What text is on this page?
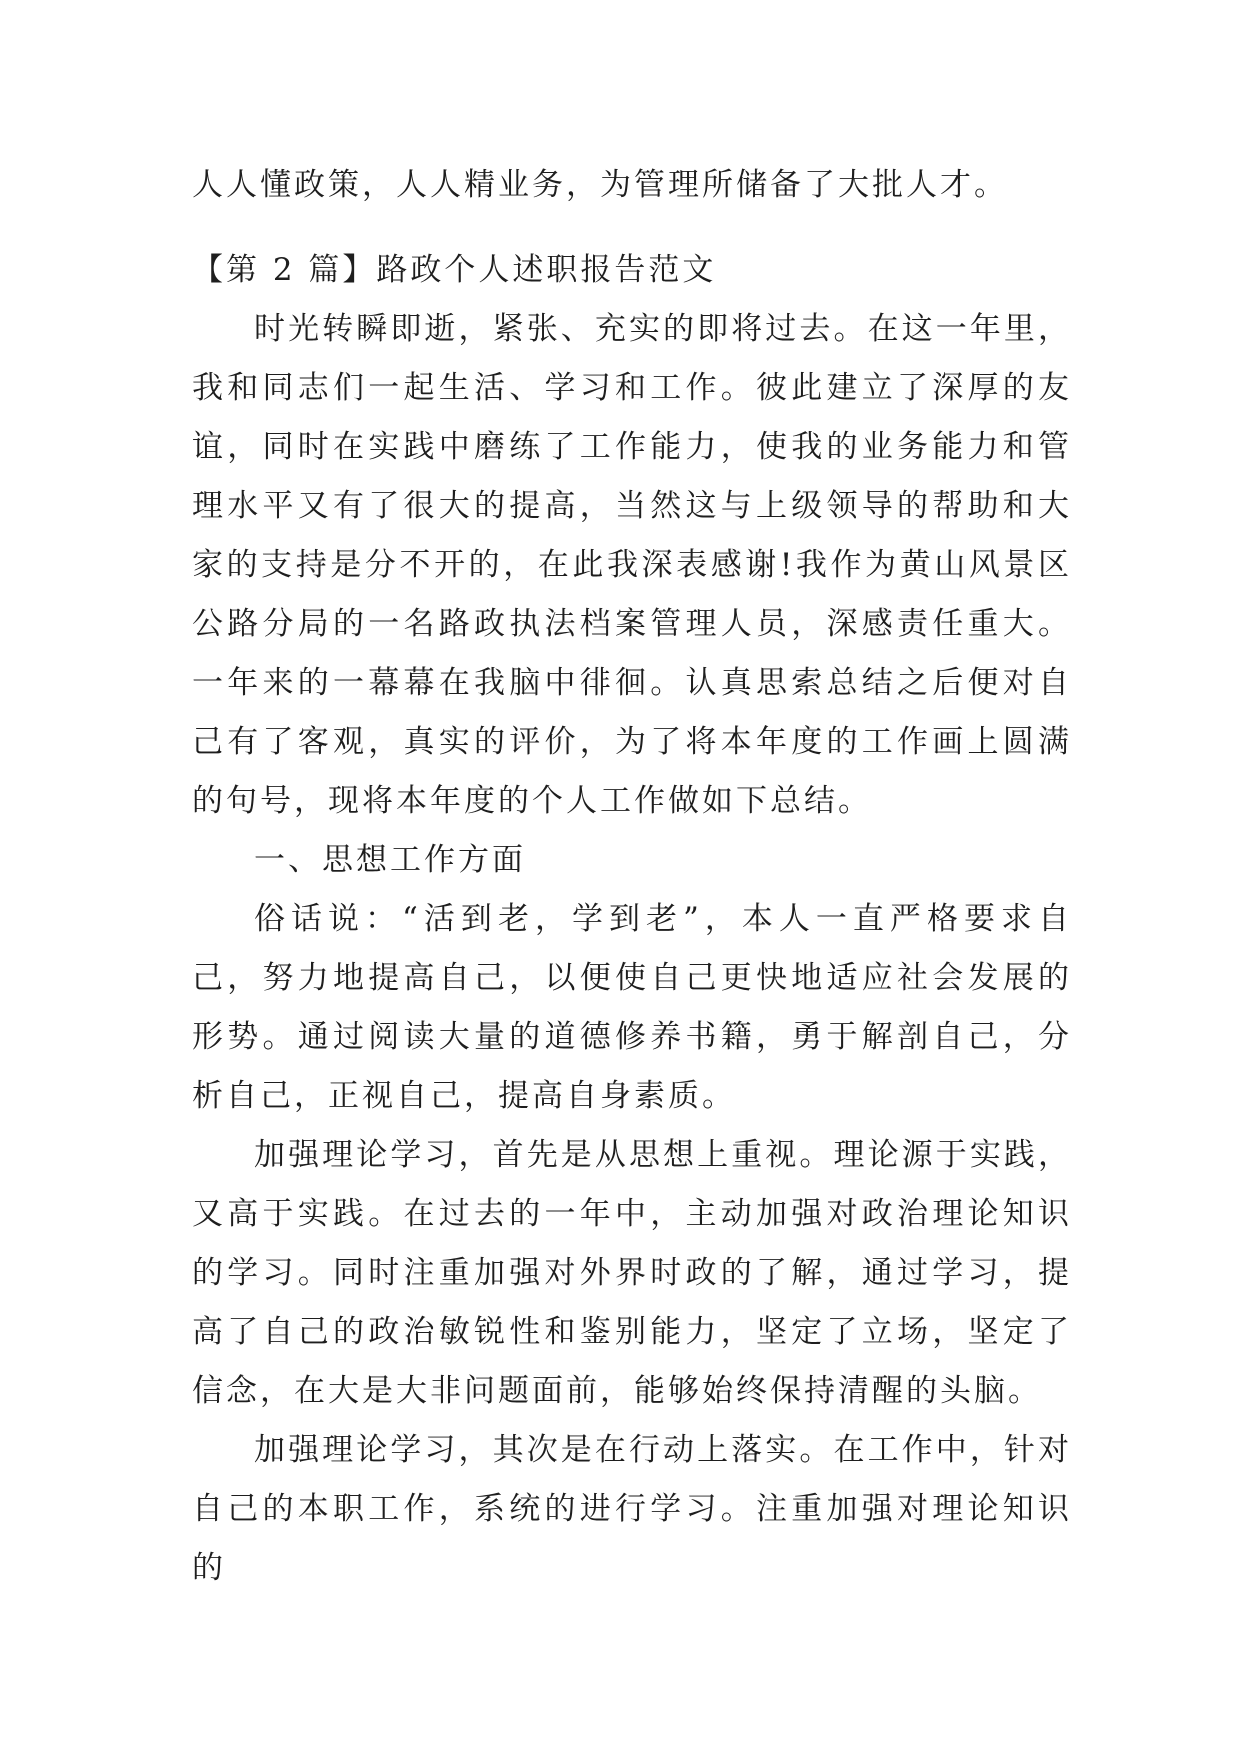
人人懂政策，人人精业务，为管理所储备了大批人才。

【第 2 篇】路政个人述职报告范文

时光转瞬即逝，紧张、充实的即将过去。在这一年里，我和同志们一起生活、学习和工作。彼此建立了深厚的友谊，同时在实践中磨练了工作能力，使我的业务能力和管理水平又有了很大的提高，当然这与上级领导的帮助和大家的支持是分不开的，在此我深表感谢!我作为黄山风景区公路分局的一名路政执法档案管理人员，深感责任重大。一年来的一幕幕在我脑中徘徊。认真思索总结之后便对自己有了客观，真实的评价，为了将本年度的工作画上圆满的句号，现将本年度的个人工作做如下总结。

一、思想工作方面

俗话说：“活到老，学到老”，本人一直严格要求自己，努力地提高自己，以便使自己更快地适应社会发展的形势。通过阅读大量的道德修养书籍，勇于解剖自己，分析自己，正视自己，提高自身素质。

加强理论学习，首先是从思想上重视。理论源于实践，又高于实践。在过去的一年中，主动加强对政治理论知识的学习。同时注重加强对外界时政的了解，通过学习，提高了自己的政治敏锐性和鉴别能力，坚定了立场，坚定了信念，在大是大非问题面前，能够始终保持清醒的头脑。

加强理论学习，其次是在行动上落实。在工作中，针对自己的本职工作，系统的进行学习。注重加强对理论知识的
